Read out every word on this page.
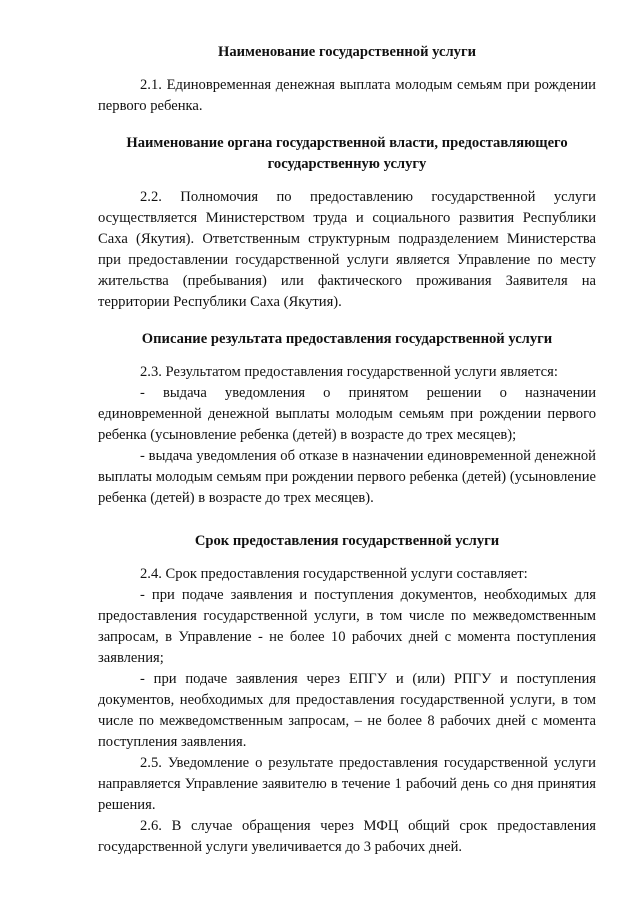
Наименование государственной услуги

2.1. Единовременная денежная выплата молодым семьям при рождении первого ребенка.

Наименование органа государственной власти, предоставляющего государственную услугу

2.2. Полномочия по предоставлению государственной услуги осуществляется Министерством труда и социального развития Республики Саха (Якутия). Ответственным структурным подразделением Министерства при предоставлении государственной услуги является Управление по месту жительства (пребывания) или фактического проживания Заявителя на территории Республики Саха (Якутия).

Описание результата предоставления государственной услуги

2.3. Результатом предоставления государственной услуги является:

- выдача уведомления о принятом решении о назначении единовременной денежной выплаты молодым семьям при рождении первого ребенка (усыновление ребенка (детей) в возрасте до трех месяцев);

- выдача уведомления об отказе в назначении единовременной денежной выплаты молодым семьям при рождении первого ребенка (детей) (усыновление ребенка (детей) в возрасте до трех месяцев).

Срок предоставления государственной услуги

2.4. Срок предоставления государственной услуги составляет:

- при подаче заявления и поступления документов, необходимых для предоставления государственной услуги, в том числе по межведомственным запросам, в Управление - не более 10 рабочих дней с момента поступления заявления;

- при подаче заявления через ЕПГУ и (или) РПГУ и поступления документов, необходимых для предоставления государственной услуги, в том числе по межведомственным запросам, – не более 8 рабочих дней с момента поступления заявления.

2.5. Уведомление о результате предоставления государственной услуги направляется Управление заявителю в течение 1 рабочий день со дня принятия решения.

2.6. В случае обращения через МФЦ общий срок предоставления государственной услуги увеличивается до 3 рабочих дней.
